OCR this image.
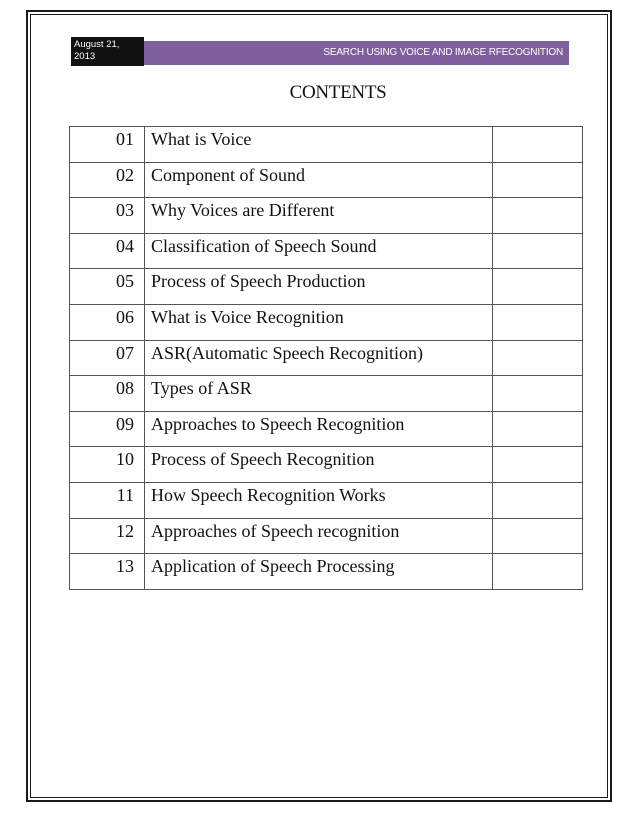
August 21,
2013	SEARCH USING VOICE AND IMAGE RFECOGNITION
CONTENTS
01	What is Voice	
02	Component of Sound	
03	Why Voices are Different	
04	Classification of Speech Sound	
05	Process of Speech Production	
06	What is Voice Recognition	
07	ASR(Automatic Speech Recognition)	
08	Types of ASR	
09	Approaches to Speech Recognition	
10	Process of Speech Recognition	
11	How Speech Recognition Works	
12	Approaches of Speech recognition	
13	Application of Speech Processing	
